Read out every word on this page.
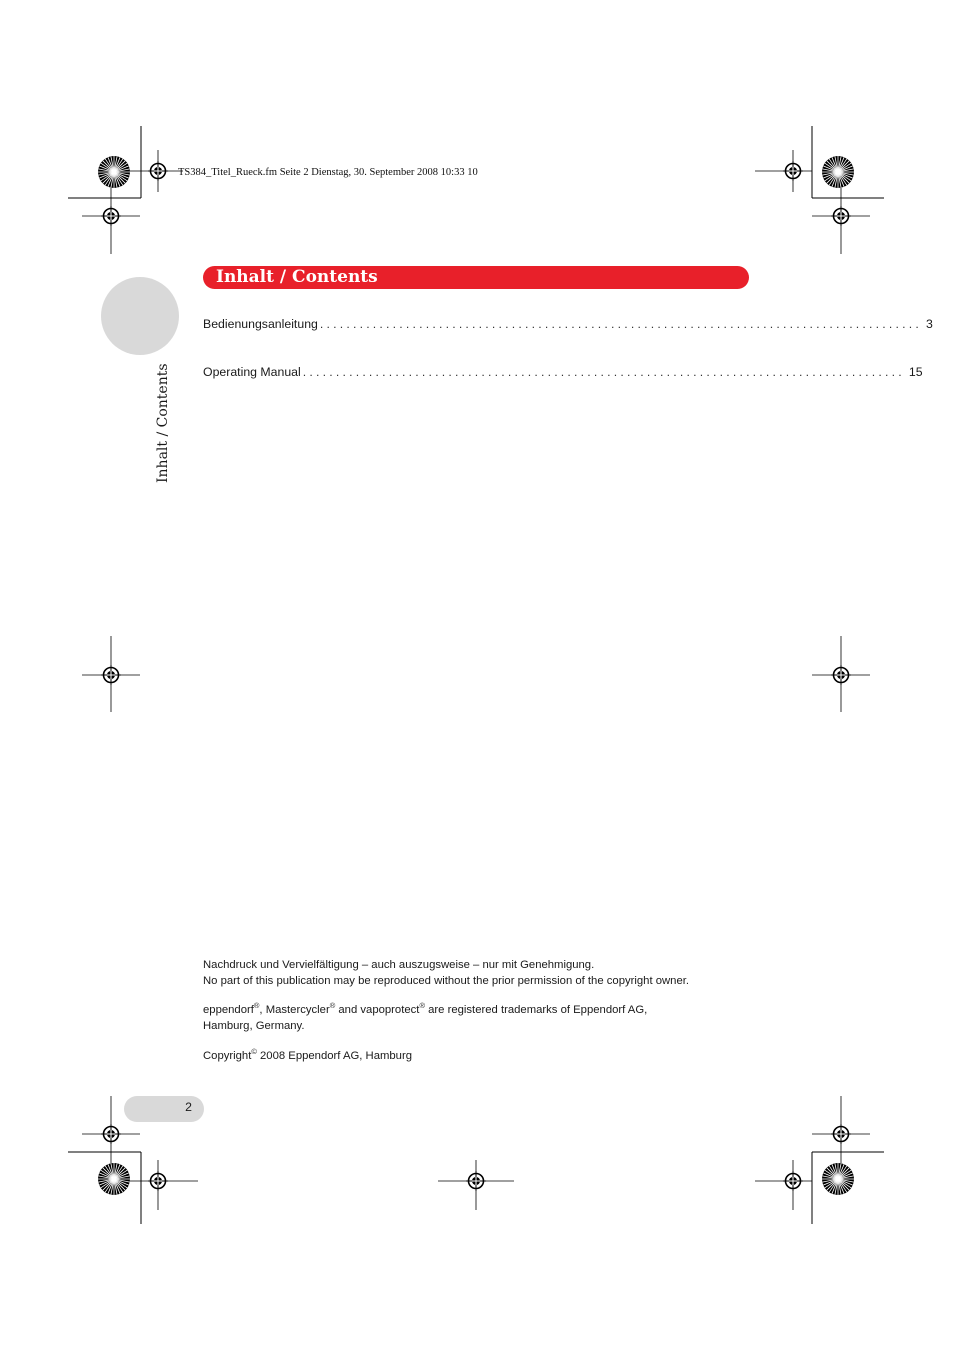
TS384_Titel_Rueck.fm Seite 2 Dienstag, 30. September 2008 10:33 10
Inhalt / Contents
Inhalt / Contents
Bedienungsanleitung ........................................................................................... 3
Operating Manual ........................................................................................... 15

Nachdruck und Vervielfältigung – auch auszugsweise – nur mit Genehmigung.

No part of this publication may be reproduced without the prior permission of the copyright owner.

eppendorf®, Mastercycler® and vapoprotect® are registered trademarks of Eppendorf AG,

Hamburg, Germany.

Copyright© 2008 Eppendorf AG, Hamburg

2
